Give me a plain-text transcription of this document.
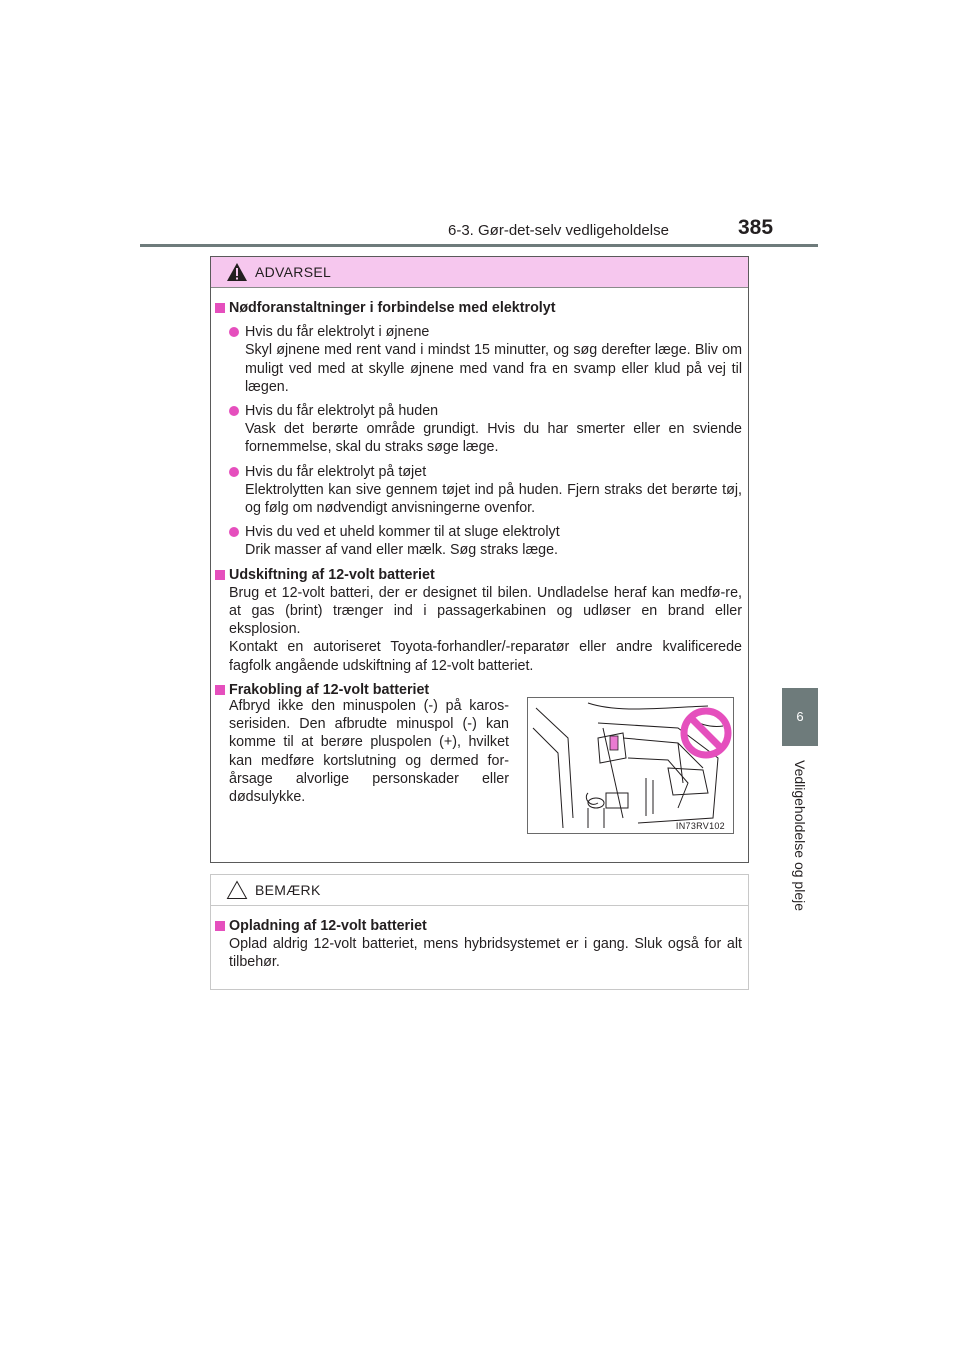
6-3. Gør-det-selv vedligeholdelse	385
6
Vedligeholdelse og pleje
ADVARSEL
Nødforanstaltninger i forbindelse med elektrolyt
Hvis du får elektrolyt i øjnene
Skyl øjnene med rent vand i mindst 15 minutter, og søg derefter læge. Bliv om muligt ved med at skylle øjnene med vand fra en svamp eller klud på vej til lægen.
Hvis du får elektrolyt på huden
Vask det berørte område grundigt. Hvis du har smerter eller en sviende fornemmelse, skal du straks søge læge.
Hvis du får elektrolyt på tøjet
Elektrolytten kan sive gennem tøjet ind på huden. Fjern straks det berørte tøj, og følg om nødvendigt anvisningerne ovenfor.
Hvis du ved et uheld kommer til at sluge elektrolyt
Drik masser af vand eller mælk. Søg straks læge.
Udskiftning af 12-volt batteriet
Brug et 12-volt batteri, der er designet til bilen. Undladelse heraf kan medfø-re, at gas (brint) trænger ind i passagerkabinen og udløser en brand eller eksplosion.
Kontakt en autoriseret Toyota-forhandler/-reparatør eller andre kvalificerede fagfolk angående udskiftning af 12-volt batteriet.
Frakobling af 12-volt batteriet
Afbryd ikke den minuspolen (-) på karos-serisiden. Den afbrudte minuspol (-) kan komme til at berøre pluspolen (+), hvilket kan medføre kortslutning og dermed for-årsage alvorlige personskader eller dødsulykke.
IN73RV102
BEMÆRK
Opladning af 12-volt batteriet
Oplad aldrig 12-volt batteriet, mens hybridsystemet er i gang. Sluk også for alt tilbehør.
